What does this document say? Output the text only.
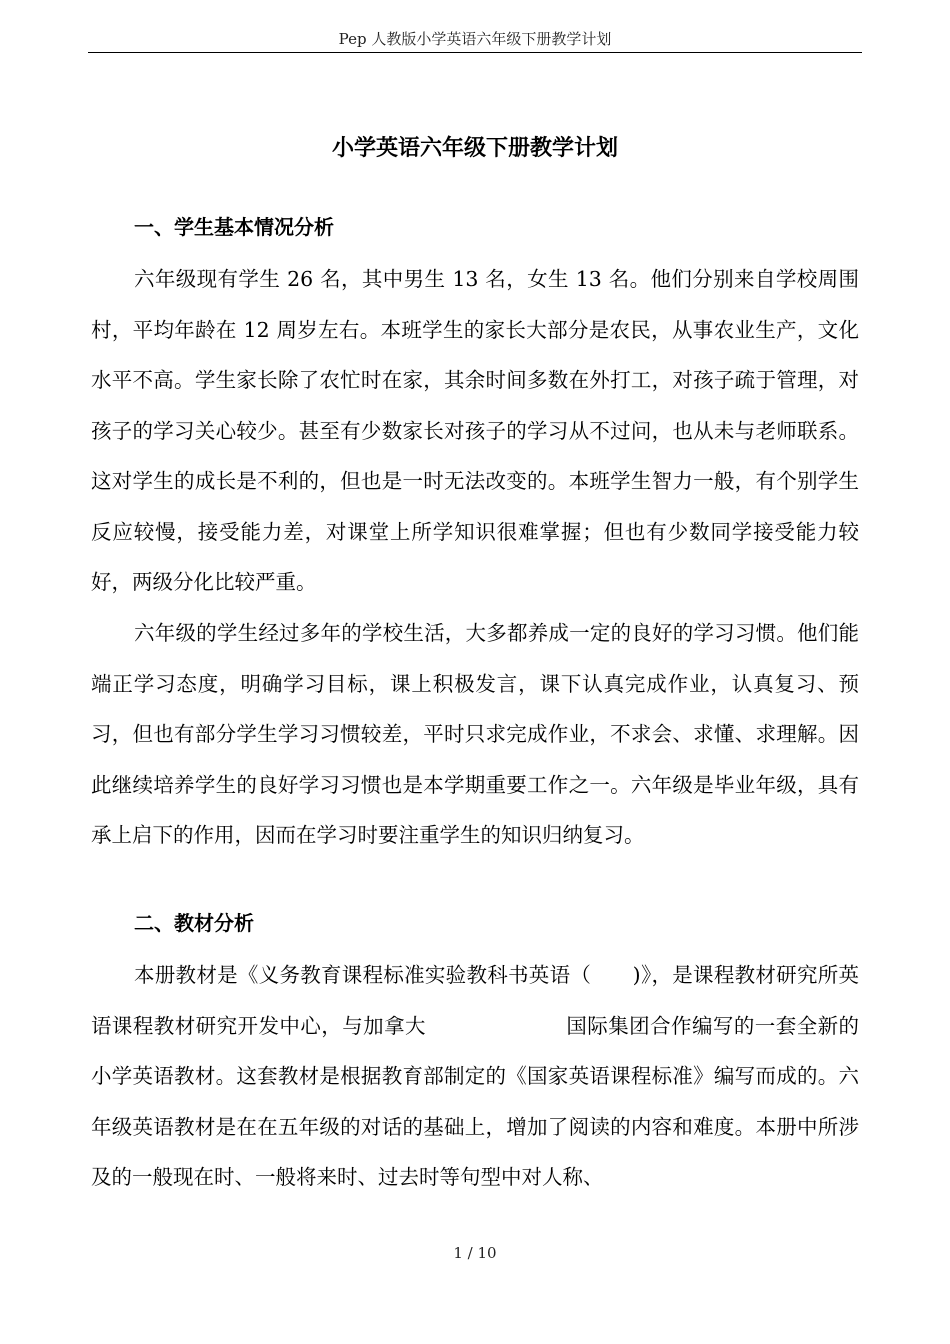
Pep 人教版小学英语六年级下册教学计划
小学英语六年级下册教学计划
一、学生基本情况分析
六年级现有学生 26 名，其中男生 13 名，女生 13 名。他们分别来自学校周围村，平均年龄在 12 周岁左右。本班学生的家长大部分是农民，从事农业生产，文化水平不高。学生家长除了农忙时在家，其余时间多数在外打工，对孩子疏于管理，对孩子的学习关心较少。甚至有少数家长对孩子的学习从不过问，也从未与老师联系。这对学生的成长是不利的，但也是一时无法改变的。本班学生智力一般，有个别学生反应较慢，接受能力差，对课堂上所学知识很难掌握；但也有少数同学接受能力较好，两级分化比较严重。
六年级的学生经过多年的学校生活，大多都养成一定的良好的学习习惯。他们能端正学习态度，明确学习目标，课上积极发言，课下认真完成作业，认真复习、预习，但也有部分学生学习习惯较差，平时只求完成作业，不求会、求懂、求理解。因此继续培养学生的良好学习习惯也是本学期重要工作之一。六年级是毕业年级，具有承上启下的作用，因而在学习时要注重学生的知识归纳复习。
二、教材分析
本册教材是《义务教育课程标准实验教科书英语（　　)》，是课程教材研究所英语课程教材研究开发中心，与加拿大	国际集团合作编写的一套全新的小学英语教材。这套教材是根据教育部制定的《国家英语课程标准》编写而成的。六年级英语教材是在在五年级的对话的基础上，增加了阅读的内容和难度。本册中所涉及的一般现在时、一般将来时、过去时等句型中对人称、
1 / 10
